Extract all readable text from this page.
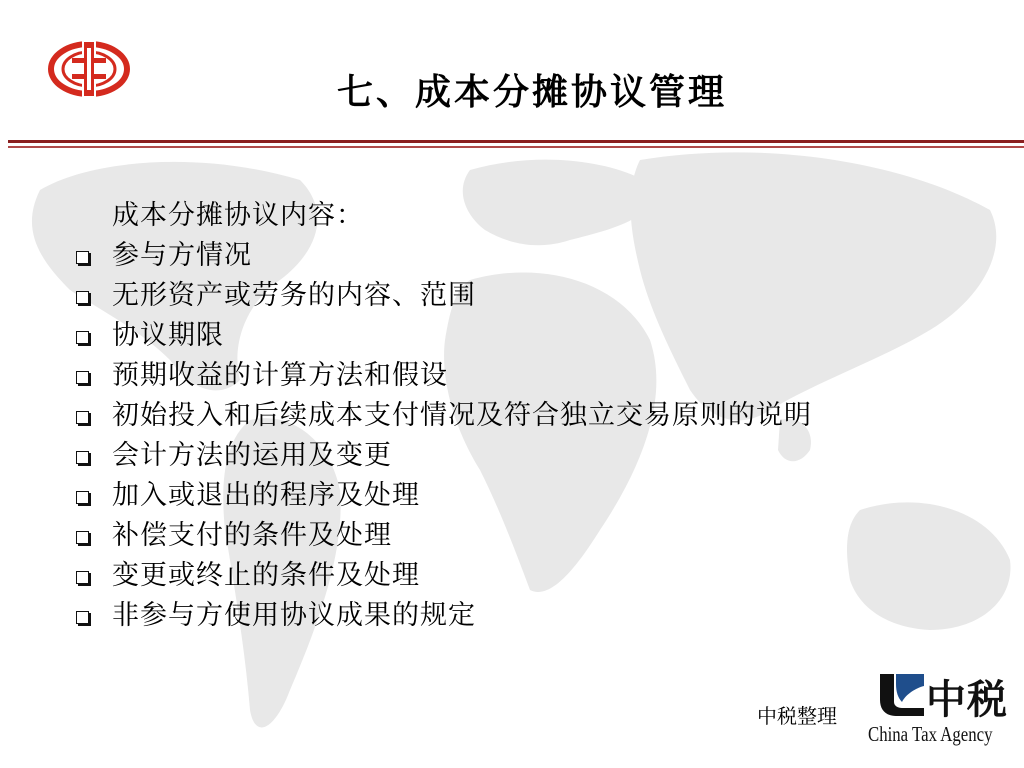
七、成本分摊协议管理
成本分摊协议内容：
参与方情况
无形资产或劳务的内容、范围
协议期限
预期收益的计算方法和假设
初始投入和后续成本支付情况及符合独立交易原则的说明
会计方法的运用及变更
加入或退出的程序及处理
补偿支付的条件及处理
变更或终止的条件及处理
非参与方使用协议成果的规定
中税整理 中税
China Tax Agency
